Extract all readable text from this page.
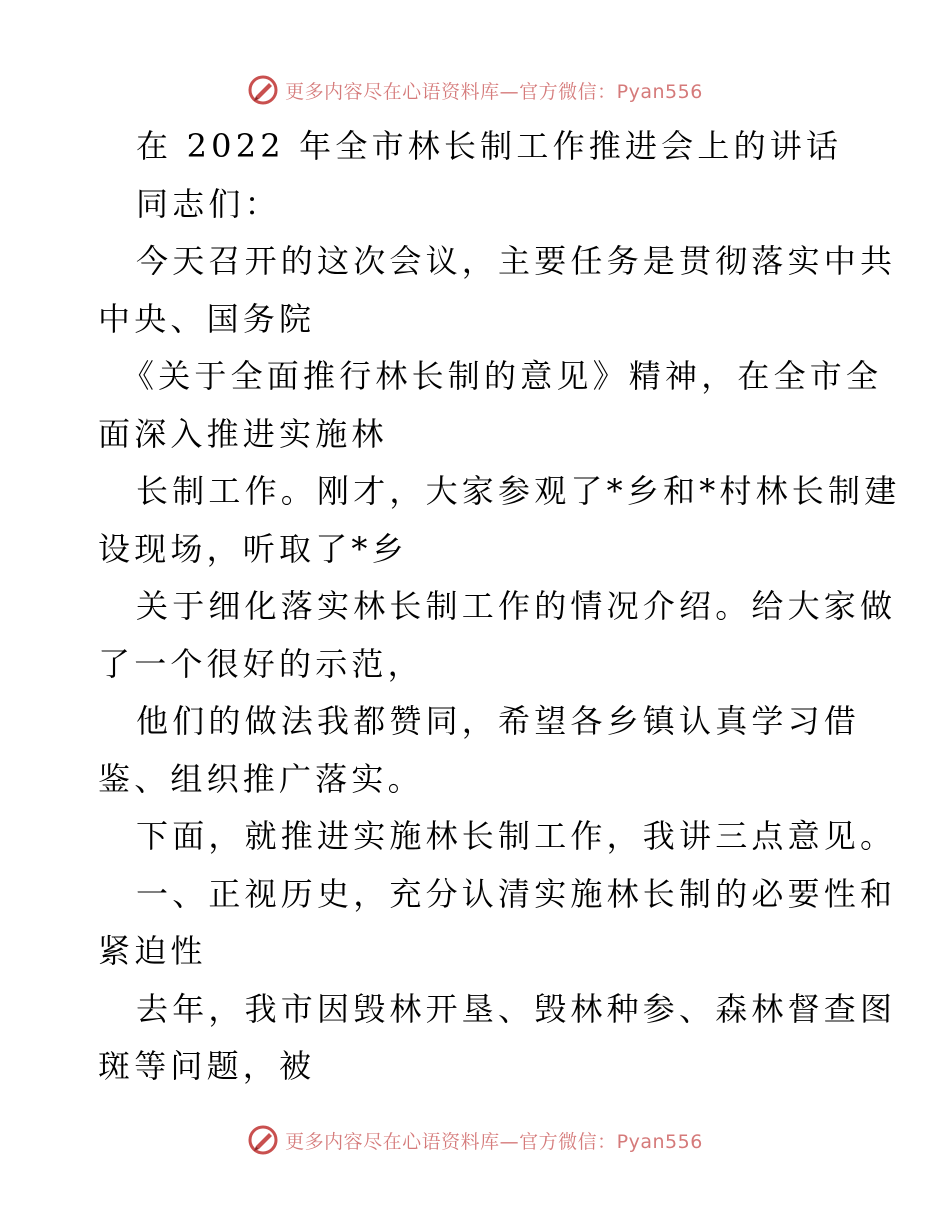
更多内容尽在心语资料库—官方微信：Pyan556
在 2022 年全市林长制工作推进会上的讲话
同志们：
今天召开的这次会议，主要任务是贯彻落实中共
中央、国务院
《关于全面推行林长制的意见》精神，在全市全
面深入推进实施林
长制工作。刚才，大家参观了*乡和*村林长制建
设现场，听取了*乡
关于细化落实林长制工作的情况介绍。给大家做
了一个很好的示范，
他们的做法我都赞同，希望各乡镇认真学习借
鉴、组织推广落实。
下面，就推进实施林长制工作，我讲三点意见。
一、正视历史，充分认清实施林长制的必要性和
紧迫性
去年，我市因毁林开垦、毁林种参、森林督查图
斑等问题，被
更多内容尽在心语资料库—官方微信：Pyan556
